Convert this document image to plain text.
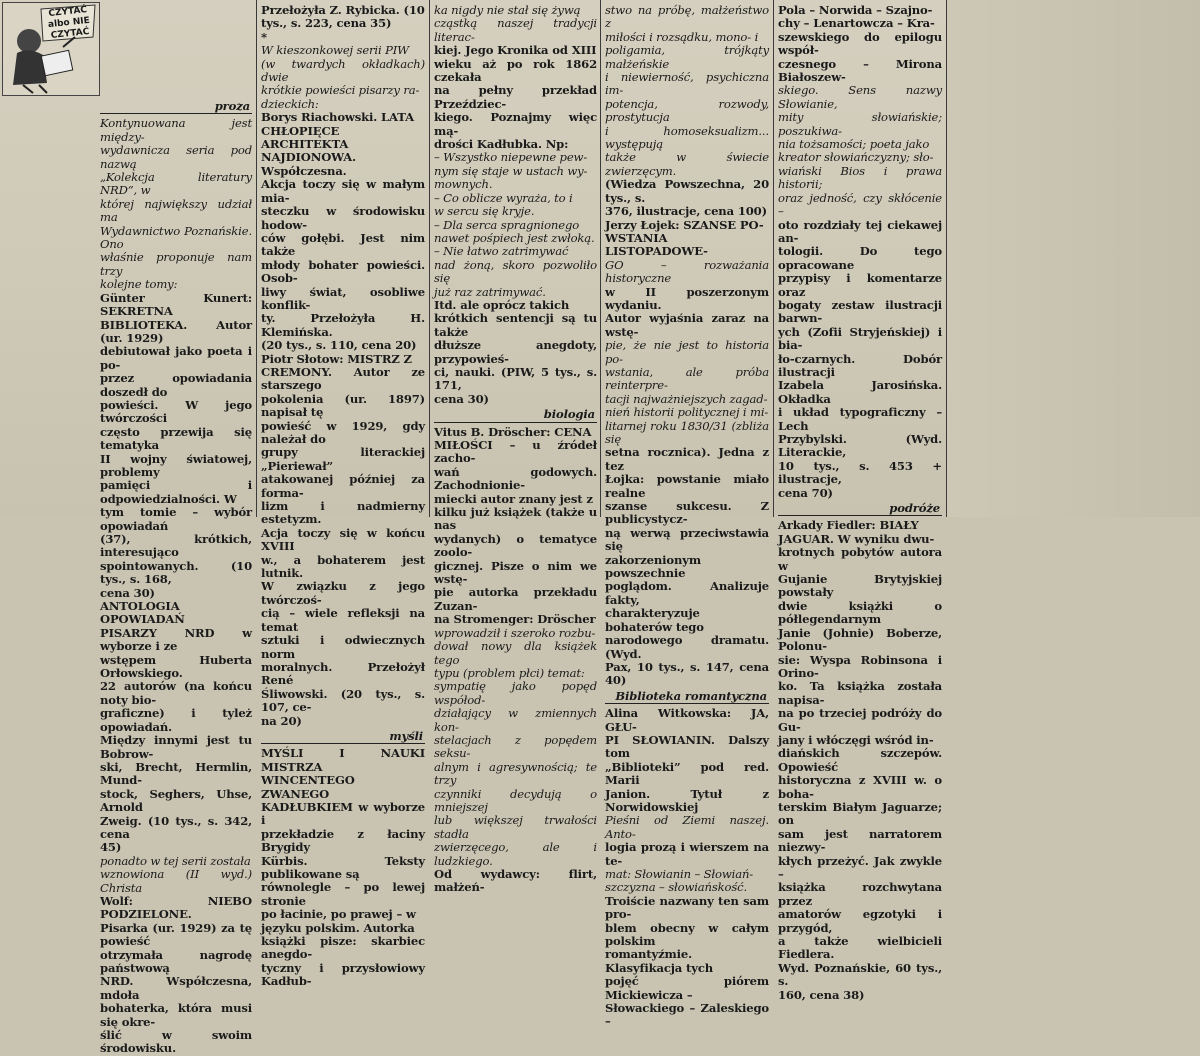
CZYTAĆ albo NIE CZYTAĆ
proza

Kontynuowana jest między-

wydawnicza seria pod nazwą

„Kolekcja literatury NRD”, w

której największy udział ma

Wydawnictwo Poznańskie. Ono

właśnie proponuje nam trzy

kolejne tomy:

Günter Kunert: SEKRETNA

BIBLIOTEKA. Autor (ur. 1929)

debiutował jako poeta i po-

przez opowiadania doszedł do

powieści. W jego twórczości

często przewija się tematyka

II wojny światowej, problemy

pamięci i odpowiedzialności. W

tym tomie – wybór opowiadań

(37), krótkich, interesująco

spointowanych. (10 tys., s. 168,

cena 30)

ANTOLOGIA OPOWIADAŃ

PISARZY NRD w wyborze i ze

wstępem Huberta Orłowskiego.

22 autorów (na końcu noty bio-

graficzne) i tyleż opowiadań.

Między innymi jest tu Bobrow-

ski, Brecht, Hermlin, Mund-

stock, Seghers, Uhse, Arnold

Zweig. (10 tys., s. 342, cena

45)

ponadto w tej serii została

wznowiona (II wyd.) Christa

Wolf: NIEBO PODZIELONE.

Pisarka (ur. 1929) za tę powieść

otrzymała nagrodę państwową

NRD. Współczesna, mdoła

bohaterka, która musi się okre-

ślić w swoim środowisku.

Przełożyła Z. Rybicka. (10

tys., s. 223, cena 35)

*

W kieszonkowej serii PIW

(w twardych okładkach) dwie

krótkie powieści pisarzy ra-

dzieckich:

Borys Riachowski. LATA

CHŁOPIĘCE ARCHITEKTA

NAJDIONOWA. Współczesna.

Akcja toczy się w małym mia-

steczku w środowisku hodow-

ców gołębi. Jest nim także

młody bohater powieści. Osob-

liwy świat, osobliwe konflik-

ty. Przełożyła H. Klemińska.

(20 tys., s. 110, cena 20)

Piotr Słotow: MISTRZ Z

CREMONY. Autor ze starszego

pokolenia (ur. 1897) napisał tę

powieść w 1929, gdy należał do

grupy literackiej „Pieriewał”

atakowanej później za forma-

lizm i nadmierny estetyzm.

Acja toczy się w końcu XVIII

w., a bohaterem jest lutnik.

W związku z jego twórczoś-

cią – wiele refleksji na temat

sztuki i odwiecznych norm

moralnych. Przełożył René

Śliwowski. (20 tys., s. 107, ce-

na 20)

myśli

MYŚLI I NAUKI MISTRZA

WINCENTEGO ZWANEGO

KADŁUBKIEM w wyborze i

przekładzie z łaciny Brygidy

Kürbis. Teksty publikowane są

równolegle – po lewej stronie

po łacinie, po prawej – w

języku polskim. Autorka

książki pisze: skarbiec anegdo-

tyczny i przysłowiowy Kadłub-

ka nigdy nie stał się żywą

cząstką naszej tradycji literac-

kiej. Jego Kronika od XIII

wieku aż po rok 1862 czekała

na pełny przekład Przeździec-

kiego. Poznajmy więc mą-

drości Kadłubka. Np:

– Wszystko niepewne pew-

nym się staje w ustach wy-

mownych.

– Co oblicze wyraża, to i

w sercu się kryje.

– Dla serca spragnionego

nawet pośpiech jest zwłoką.

– Nie łatwo zatrimywać

nad żoną, skoro pozwoliło się

już raz zatrimywać.

Itd. ale oprócz takich

krótkich sentencji są tu także

dłuższe anegdoty, przypowieś-

ci, nauki. (PIW, 5 tys., s. 171,

cena 30)

biologia

Vitus B. Dröscher: CENA

MIŁOŚCI – u źródeł zacho-

wań godowych. Zachodnionie-

miecki autor znany jest z

kilku już książek (także u nas

wydanych) o tematyce zoolo-

gicznej. Pisze o nim we wstę-

pie autorka przekładu Zuzan-

na Stromenger: Dröscher

wprowadził i szeroko rozbu-

dował nowy dla książek tego

typu (problem płci) temat:

sympatię jako popęd współod-

działający w zmiennych kon-

stelacjach z popędem seksu-

alnym i agresywnością; te trzy

czynniki decydują o mniejszej

lub większej trwałości stadła

zwierzęcego, ale i ludzkiego.

Od wydawcy: flirt, małżeń-

stwo na próbę, małżeństwo z

miłości i rozsądku, mono- i

poligamia, trójkąty małżeńskie

i niewierność, psychiczna im-

potencja, rozwody, prostytucja

i homoseksualizm... występują

także w świecie zwierzęcym.

(Wiedza Powszechna, 20 tys., s.

376, ilustracje, cena 100)

Jerzy Łojek: SZANSE PO-

WSTANIA LISTOPADOWE-

GO – rozważania historyczne

w II poszerzonym wydaniu.

Autor wyjaśnia zaraz na wstę-

pie, że nie jest to historia po-

wstania, ale próba reinterpre-

tacji najważniejszych zagad-

nień historii politycznej i mi-

litarnej roku 1830/31 (zbliża się

setna rocznica). Jedna z tez

Łojka: powstanie miało realne

szanse sukcesu. Z publicystycz-

ną werwą przeciwstawia się

zakorzenionym powszechnie

poglądom. Analizuje fakty,

charakteryzuje bohaterów tego

narodowego dramatu. (Wyd.

Pax, 10 tys., s. 147, cena 40)

Biblioteka romantyczna

Alina Witkowska: JA, GŁU-

PI SŁOWIANIN. Dalszy tom

„Biblioteki” pod red. Marii

Janion. Tytuł z Norwidowskiej

Pieśni od Ziemi naszej. Anto-

logia prozą i wierszem na te-

mat: Słowianin – Słowiań-

szczyzna – słowiańskość.

Troiście nazwany ten sam pro-

blem obecny w całym polskim

romantyźmie. Klasyfikacja tych

pojęć piórem Mickiewicza –

Słowackiego – Zaleskiego –

Pola – Norwida – Szajno-

chy – Lenartowcza – Kra-

szewskiego do epilogu współ-

czesnego – Mirona Białoszew-

skiego. Sens nazwy Słowianie,

mity słowiańskie; poszukiwa-

nia tożsamości; poeta jako

kreator słowiańczyzny; sło-

wiański Bios i prawa historii;

oraz jedność, czy skłócenie –

oto rozdziały tej ciekawej an-

tologii. Do tego opracowane

przypisy i komentarze oraz

bogaty zestaw ilustracji barwn-

ych (Zofii Stryjeńskiej) i bia-

ło-czarnych. Dobór ilustracji

Izabela Jarosińska. Okładka

i układ typograficzny – Lech

Przybylski. (Wyd. Literackie,

10 tys., s. 453 + ilustracje,

cena 70)

podróże

Arkady Fiedler: BIAŁY

JAGUAR. W wyniku dwu-

krotnych pobytów autora w

Gujanie Brytyjskiej powstały

dwie książki o półlegendarnym

Janie (Johnie) Boberze, Polonu-

sie: Wyspa Robinsona i Orino-

ko. Ta książka została napisa-

na po trzeciej podróży do Gu-

jany i włóczęgi wśród in-

diańskich szczepów. Opowieść

historyczna z XVIII w. o boha-

terskim Białym Jaguarze; on

sam jest narratorem niezwy-

kłych przeżyć. Jak zwykle –

książka rozchwytana przez

amatorów egzotyki i przygód,

a także wielbicieli Fiedlera.

Wyd. Poznańskie, 60 tys., s.

160, cena 38)
